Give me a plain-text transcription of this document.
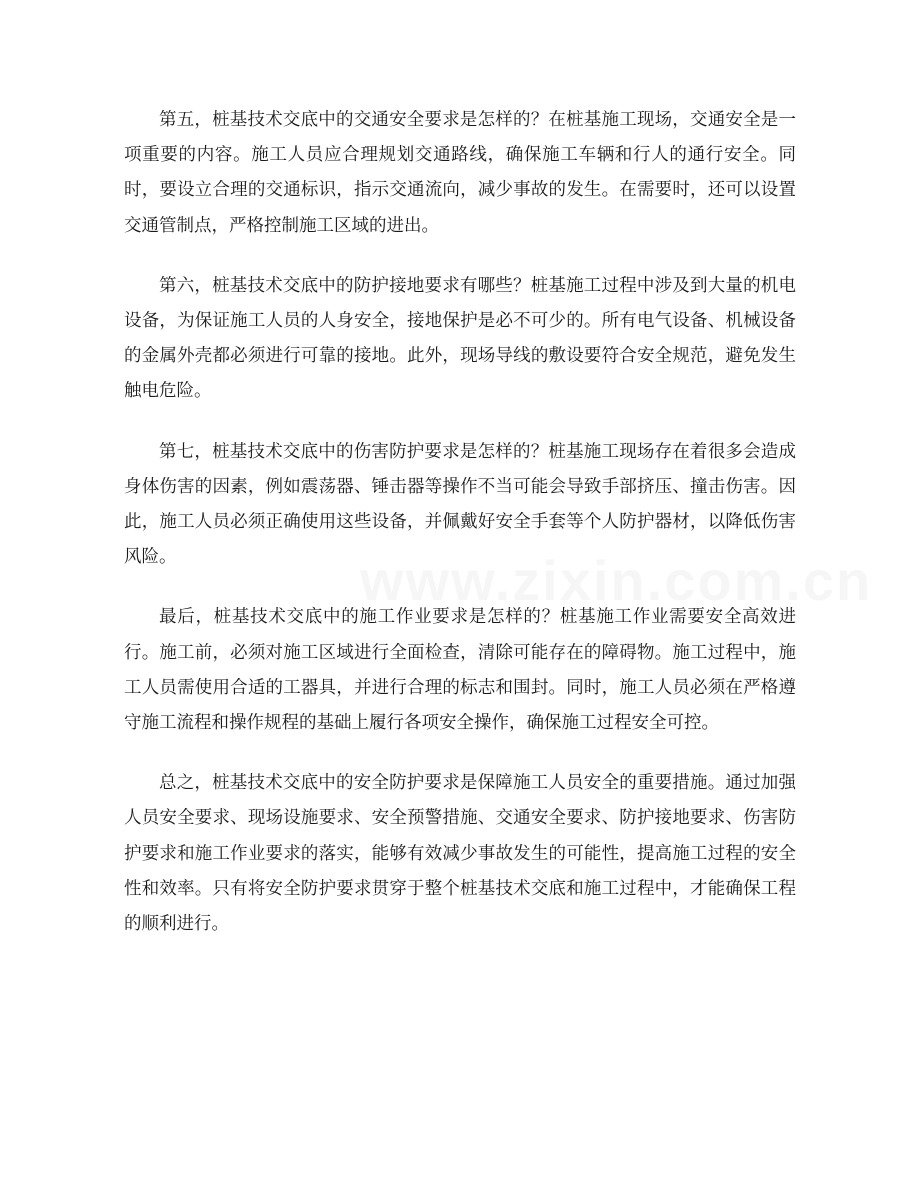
第五，桩基技术交底中的交通安全要求是怎样的？在桩基施工现场，交通安全是一项重要的内容。施工人员应合理规划交通路线，确保施工车辆和行人的通行安全。同时，要设立合理的交通标识，指示交通流向，减少事故的发生。在需要时，还可以设置交通管制点，严格控制施工区域的进出。

第六，桩基技术交底中的防护接地要求有哪些？桩基施工过程中涉及到大量的机电设备，为保证施工人员的人身安全，接地保护是必不可少的。所有电气设备、机械设备的金属外壳都必须进行可靠的接地。此外，现场导线的敷设要符合安全规范，避免发生触电危险。

第七，桩基技术交底中的伤害防护要求是怎样的？桩基施工现场存在着很多会造成身体伤害的因素，例如震荡器、锤击器等操作不当可能会导致手部挤压、撞击伤害。因此，施工人员必须正确使用这些设备，并佩戴好安全手套等个人防护器材，以降低伤害风险。

最后，桩基技术交底中的施工作业要求是怎样的？桩基施工作业需要安全高效进行。施工前，必须对施工区域进行全面检查，清除可能存在的障碍物。施工过程中，施工人员需使用合适的工器具，并进行合理的标志和围封。同时，施工人员必须在严格遵守施工流程和操作规程的基础上履行各项安全操作，确保施工过程安全可控。

总之，桩基技术交底中的安全防护要求是保障施工人员安全的重要措施。通过加强人员安全要求、现场设施要求、安全预警措施、交通安全要求、防护接地要求、伤害防护要求和施工作业要求的落实，能够有效减少事故发生的可能性，提高施工过程的安全性和效率。只有将安全防护要求贯穿于整个桩基技术交底和施工过程中，才能确保工程的顺利进行。
